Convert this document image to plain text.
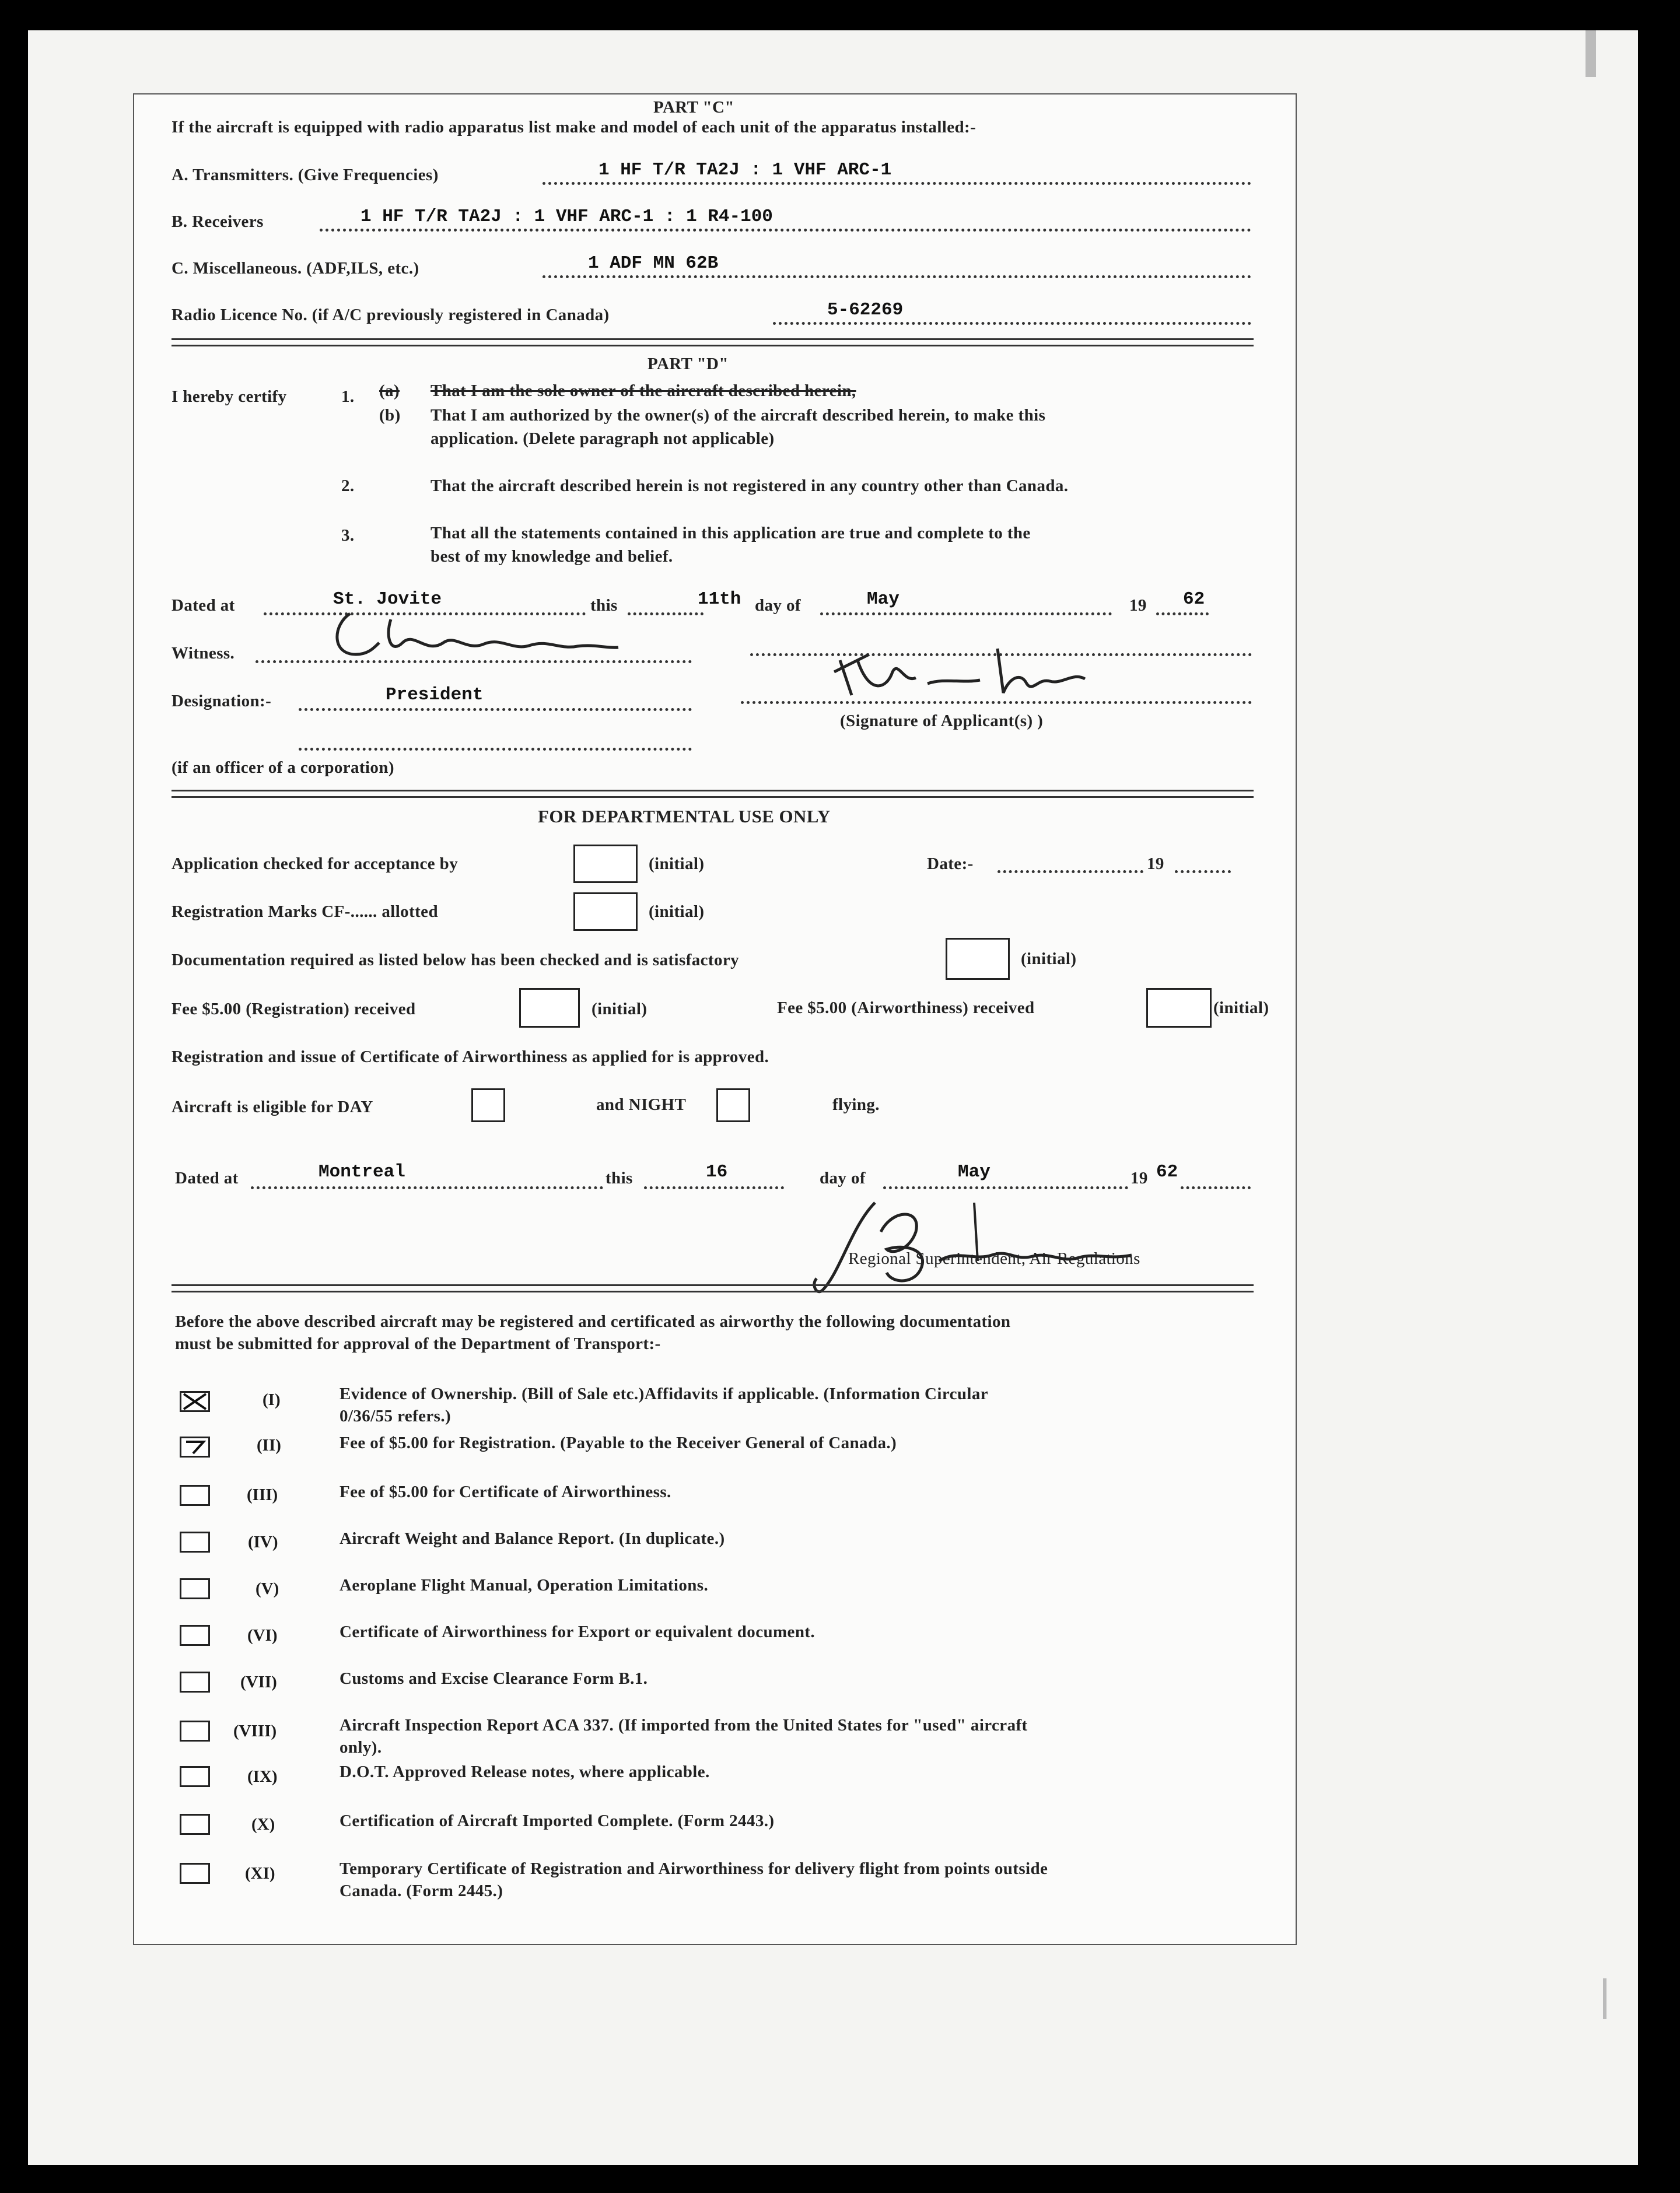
PART "C"
If the aircraft is equipped with radio apparatus list make and model of each unit of the apparatus installed:-
A. Transmitters. (Give Frequencies)	1 HF T/R TA2J : 1 VHF ARC-1
B. Receivers	1 HF T/R TA2J : 1 VHF ARC-1 : 1 R4-100
C. Miscellaneous. (ADF,ILS, etc.)	1 ADF MN 62B
Radio Licence No. (if A/C previously registered in Canada)	5-62269
PART "D"
I hereby certify	1. (a) That I am the sole owner of the aircraft described herein,
(b) That I am authorized by the owner(s) of the aircraft described herein, to make this
application. (Delete paragraph not applicable)
2.	That the aircraft described herein is not registered in any country other than Canada.
3.	That all the statements contained in this application are true and complete to the
best of my knowledge and belief.
Dated at	St. Jovite	this	11th day of	May	19 62
Witness.
Designation:-	President
(Signature of Applicant(s) )
(if an officer of a corporation)
FOR DEPARTMENTAL USE ONLY
Application checked for acceptance by	(initial)	Date:-	19
Registration Marks CF-...... allotted	(initial)
Documentation required as listed below has been checked and is satisfactory	(initial)
Fee $5.00 (Registration) received	(initial)	Fee $5.00 (Airworthiness) received	(initial)
Registration and issue of Certificate of Airworthiness as applied for is approved.
Aircraft is eligible for DAY	and NIGHT	flying.
Dated at	Montreal	this	16	day of	May	19 62
Regional Superintendent, Air Regulations
Before the above described aircraft may be registered and certificated as airworthy the following documentation
must be submitted for approval of the Department of Transport:-
(I)	Evidence of Ownership. (Bill of Sale etc.)Affidavits if applicable. (Information Circular
0/36/55 refers.)
(II)	Fee of $5.00 for Registration. (Payable to the Receiver General of Canada.)
(III)	Fee of $5.00 for Certificate of Airworthiness.
(IV)	Aircraft Weight and Balance Report. (In duplicate.)
(V)	Aeroplane Flight Manual, Operation Limitations.
(VI)	Certificate of Airworthiness for Export or equivalent document.
(VII)	Customs and Excise Clearance Form B.1.
(VIII)	Aircraft Inspection Report ACA 337. (If imported from the United States for "used" aircraft
only).
(IX)	D.O.T. Approved Release notes, where applicable.
(X)	Certification of Aircraft Imported Complete. (Form 2443.)
(XI)	Temporary Certificate of Registration and Airworthiness for delivery flight from points outside
Canada. (Form 2445.)
